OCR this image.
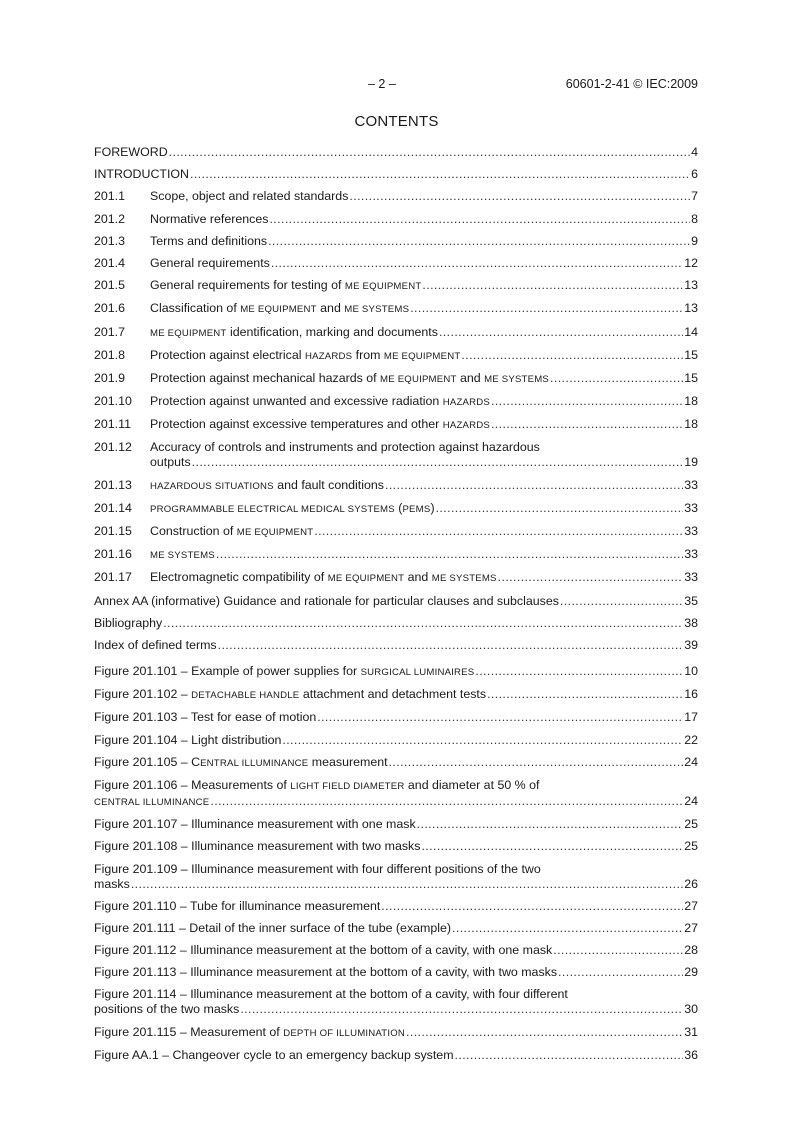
– 2 –	60601-2-41 © IEC:2009
CONTENTS
FOREWORD .....	4
INTRODUCTION .....	6
201.1	Scope, object and related standards .....	7
201.2	Normative references .....	8
201.3	Terms and definitions .....	9
201.4	General requirements .....	12
201.5	General requirements for testing of ME EQUIPMENT .....	13
201.6	Classification of ME EQUIPMENT and ME SYSTEMS .....	13
201.7	ME EQUIPMENT identification, marking and documents .....	14
201.8	Protection against electrical HAZARDS from ME EQUIPMENT .....	15
201.9	Protection against mechanical hazards of ME EQUIPMENT and ME SYSTEMS .....	15
201.10	Protection against unwanted and excessive radiation HAZARDS .....	18
201.11	Protection against excessive temperatures and other HAZARDS .....	18
201.12	Accuracy of controls and instruments and protection against hazardous
outputs .....	19
201.13	HAZARDOUS SITUATIONS and fault conditions .....	33
201.14	PROGRAMMABLE ELECTRICAL MEDICAL SYSTEMS (PEMS) .....	33
201.15	Construction of ME EQUIPMENT .....	33
201.16	ME SYSTEMS .....	33
201.17	Electromagnetic compatibility of ME EQUIPMENT and ME SYSTEMS .....	33
Annex AA (informative) Guidance and rationale for particular clauses and subclauses .....	35
Bibliography .....	38
Index of defined terms .....	39
Figure 201.101 – Example of power supplies for SURGICAL LUMINAIRES .....	10
Figure 201.102 – DETACHABLE HANDLE attachment and detachment tests .....	16
Figure 201.103 – Test for ease of motion .....	17
Figure 201.104 – Light distribution .....	22
Figure 201.105 – CENTRAL ILLUMINANCE measurement .....	24
Figure 201.106 – Measurements of LIGHT FIELD DIAMETER and diameter at 50 % of
CENTRAL ILLUMINANCE .....	24
Figure 201.107 – Illuminance measurement with one mask .....	25
Figure 201.108 – Illuminance measurement with two masks .....	25
Figure 201.109 – Illuminance measurement with four different positions of the two
masks .....	26
Figure 201.110 – Tube for illuminance measurement .....	27
Figure 201.111 – Detail of the inner surface of the tube (example) .....	27
Figure 201.112 – Illuminance measurement at the bottom of a cavity, with one mask .....	28
Figure 201.113 – Illuminance measurement at the bottom of a cavity, with two masks .....	29
Figure 201.114 – Illuminance measurement at the bottom of a cavity, with four different
positions of the two masks .....	30
Figure 201.115 – Measurement of DEPTH OF ILLUMINATION .....	31
Figure AA.1 – Changeover cycle to an emergency backup system .....	36
